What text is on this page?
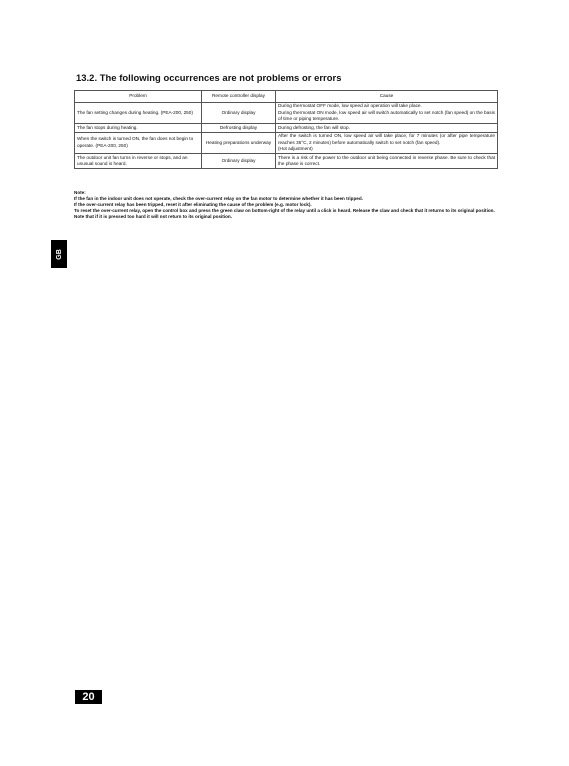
13.2. The following occurrences are not problems or errors
Problem	Remote controller display	Cause
The fan setting changes during heating. (PEA-200, 250)	Ordinary display	During thermostat OFF mode, low speed air operation will take place.
During thermostat ON mode, low speed air will switch automatically to set notch (fan speed) on the basis of time or piping temperature.

The fan stops during heating.	Defrosting display	During defrosting, the fan will stop.

When the switch is turned ON, the fan does not begin to operate. (PEA-200, 250)	Heating preparations underway	After the switch is turned ON, low speed air will take place, for 7 minutes (or after pipe temperature reaches 35°C, 2 minutes) before automatically switch to set notch (fan speed).
(Hot adjustment)

The outdoor unit fan turns in reverse or stops, and an unusual sound is heard.	Ordinary display	There is a risk of the power to the outdoor unit being connected in reverse phase. Be sure to check that the phase is correct.
Note:
If the fan in the indoor unit does not operate, check the over-current relay on the fan motor to determine whether it has been tripped.
If the over-current relay has been tripped, reset it after eliminating the cause of the problem (e.g. motor lock).
To reset the over-current relay, open the control box and press the green claw on bottom-right of the relay until a click is heard. Release the claw and check that it returns to its original position.
Note that if it is pressed too hard it will not return to its original position.
GB
20
